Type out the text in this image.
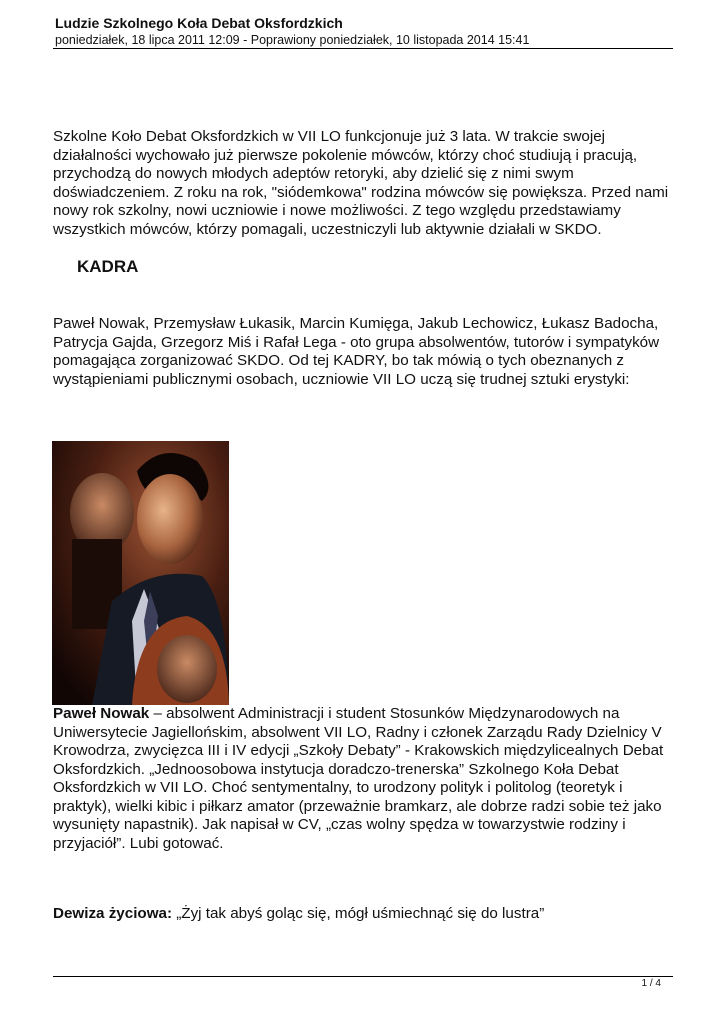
Ludzie Szkolnego Koła Debat Oksfordzkich
poniedziałek, 18 lipca 2011 12:09 - Poprawiony poniedziałek, 10 listopada 2014 15:41

Szkolne Koło Debat Oksfordzkich w VII LO funkcjonuje już 3 lata. W trakcie swojej działalności wychowało już pierwsze pokolenie mówców, którzy choć studiują i pracują, przychodzą do nowych młodych adeptów retoryki, aby dzielić się z nimi swym doświadczeniem. Z roku na rok, "siódemkowa" rodzina mówców się powiększa. Przed nami nowy rok szkolny, nowi uczniowie i nowe możliwości. Z tego względu przedstawiamy wszystkich mówców, którzy pomagali, uczestniczyli lub aktywnie działali w SKDO.

KADRA

Paweł Nowak, Przemysław Łukasik, Marcin Kumięga, Jakub Lechowicz, Łukasz Badocha, Patrycja Gajda, Grzegorz Miś i Rafał Lega - oto grupa absolwentów, tutorów i sympatyków pomagająca zorganizować SKDO. Od tej KADRY, bo tak mówią o tych obeznanych z wystąpieniami publicznymi osobach, uczniowie VII LO uczą się trudnej sztuki erystyki:

Paweł Nowak – absolwent Administracji i student Stosunków Międzynarodowych na Uniwersytecie Jagiellońskim, absolwent VII LO, Radny i członek Zarządu Rady Dzielnicy V Krowodrza, zwycięzca III i IV edycji „Szkoły Debaty” - Krakowskich międzylicealnych Debat Oksfordzkich. „Jednoosobowa instytucja doradczo-trenerska” Szkolnego Koła Debat Oksfordzkich w VII LO. Choć sentymentalny, to urodzony polityk i politolog (teoretyk i praktyk), wielki kibic i piłkarz amator (przeważnie bramkarz, ale dobrze radzi sobie też jako wysunięty napastnik). Jak napisał w CV, „czas wolny spędza w towarzystwie rodziny i przyjaciół”. Lubi gotować.

Dewiza życiowa: „Żyj tak abyś goląc się, mógł uśmiechnąć się do lustra”

1 / 4
